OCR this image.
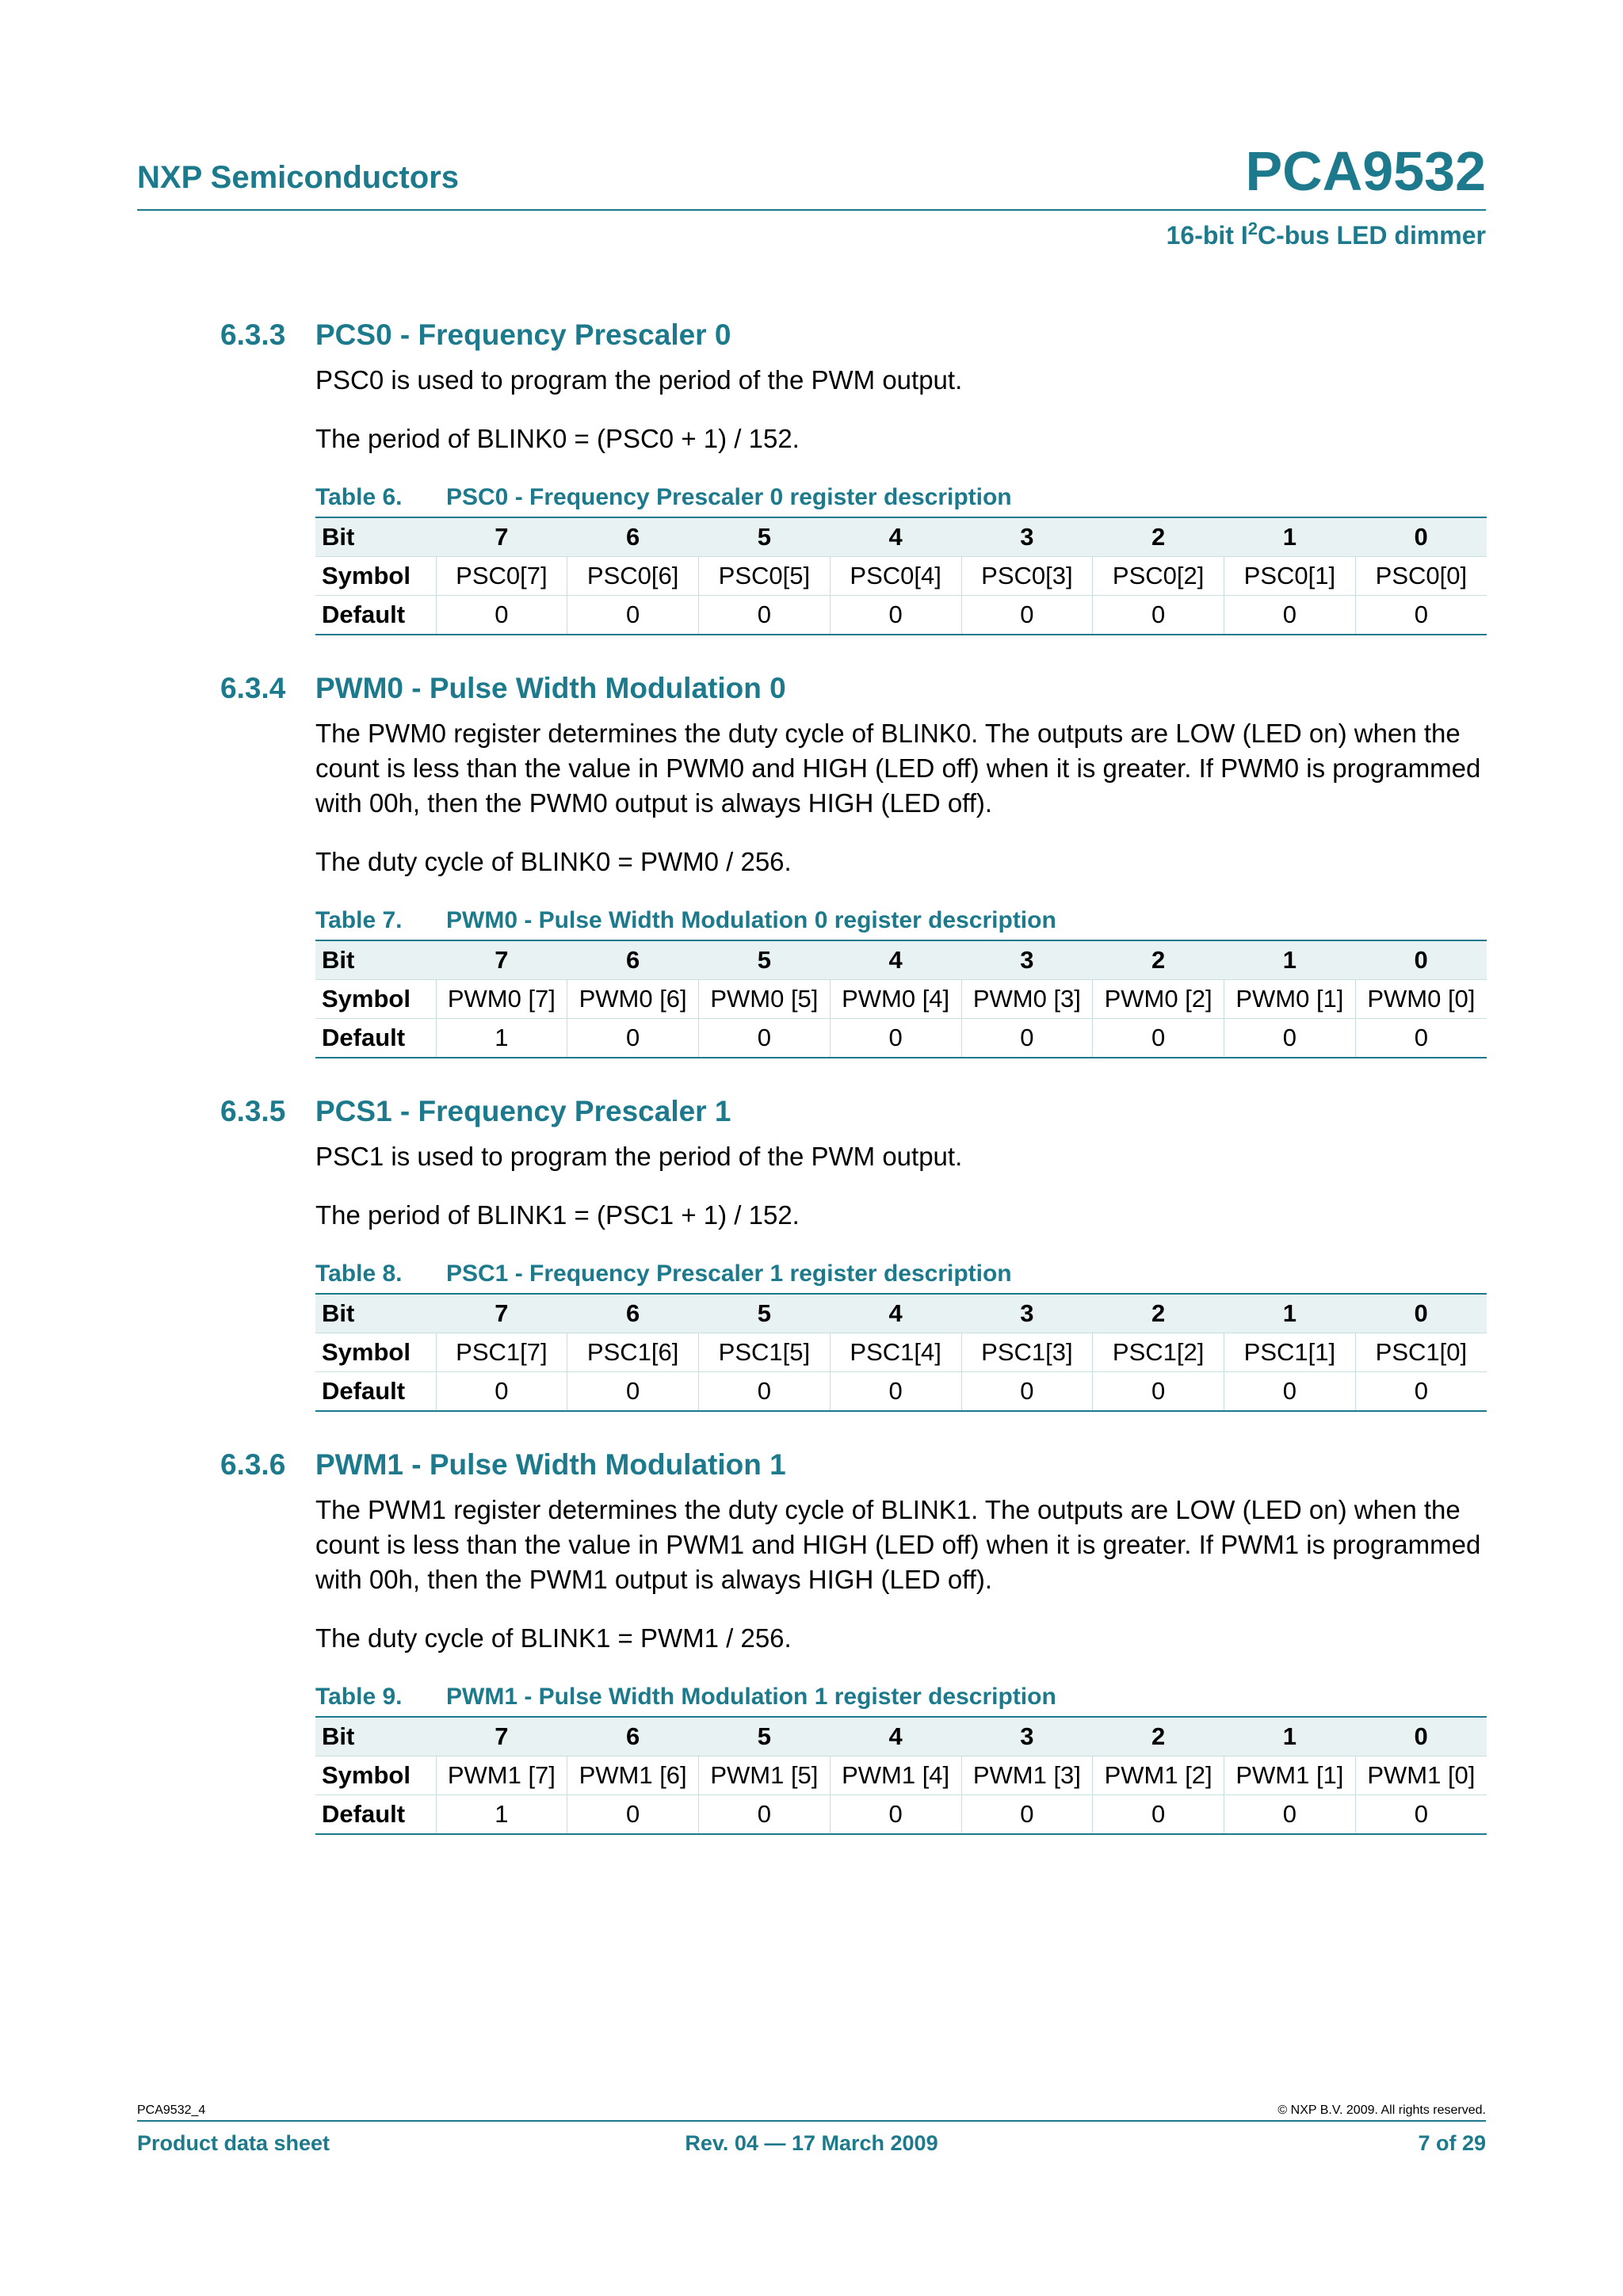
NXP Semiconductors	PCA9532
16-bit $I^2C$-bus LED dimmer
6.3.3 PCS0 - Frequency Prescaler 0

PSC0 is used to program the period of the PWM output.

The period of BLINK0 = (PSC0 + 1) / 152.

Table 6. PSC0 - Frequency Prescaler 0 register description
Bit	7	6	5	4	3	2	1	0
Symbol	PSC0[7]	PSC0[6]	PSC0[5]	PSC0[4]	PSC0[3]	PSC0[2]	PSC0[1]	PSC0[0]
Default	0	0	0	0	0	0	0	0
6.3.4 PWM0 - Pulse Width Modulation 0

The PWM0 register determines the duty cycle of BLINK0. The outputs are LOW (LED on) when the count is less than the value in PWM0 and HIGH (LED off) when it is greater. If PWM0 is programmed with 00h, then the PWM0 output is always HIGH (LED off).

The duty cycle of BLINK0 = PWM0 / 256.

Table 7. PWM0 - Pulse Width Modulation 0 register description
Bit	7	6	5	4	3	2	1	0
Symbol	PWM0 [7]	PWM0 [6]	PWM0 [5]	PWM0 [4]	PWM0 [3]	PWM0 [2]	PWM0 [1]	PWM0 [0]
Default	1	0	0	0	0	0	0	0
6.3.5 PCS1 - Frequency Prescaler 1

PSC1 is used to program the period of the PWM output.

The period of BLINK1 = (PSC1 + 1) / 152.

Table 8. PSC1 - Frequency Prescaler 1 register description
Bit	7	6	5	4	3	2	1	0
Symbol	PSC1[7]	PSC1[6]	PSC1[5]	PSC1[4]	PSC1[3]	PSC1[2]	PSC1[1]	PSC1[0]
Default	0	0	0	0	0	0	0	0
6.3.6 PWM1 - Pulse Width Modulation 1

The PWM1 register determines the duty cycle of BLINK1. The outputs are LOW (LED on) when the count is less than the value in PWM1 and HIGH (LED off) when it is greater. If PWM1 is programmed with 00h, then the PWM1 output is always HIGH (LED off).

The duty cycle of BLINK1 = PWM1 / 256.

Table 9. PWM1 - Pulse Width Modulation 1 register description
Bit	7	6	5	4	3	2	1	0
Symbol	PWM1 [7]	PWM1 [6]	PWM1 [5]	PWM1 [4]	PWM1 [3]	PWM1 [2]	PWM1 [1]	PWM1 [0]
Default	1	0	0	0	0	0	0	0
PCA9532_4	© NXP B.V. 2009. All rights reserved.
Product data sheet	Rev. 04 — 17 March 2009	7 of 29
